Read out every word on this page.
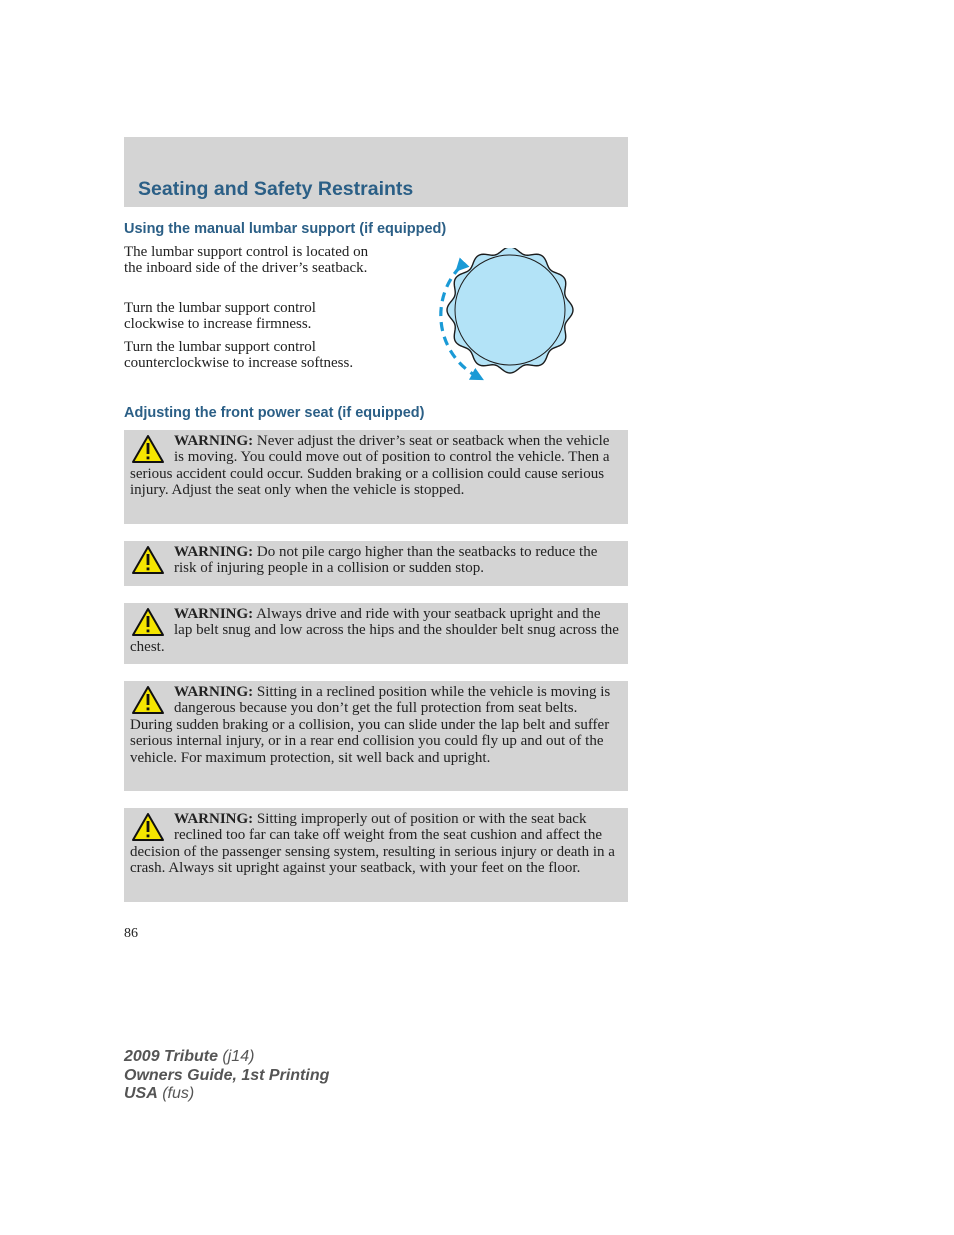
Seating and Safety Restraints
Using the manual lumbar support (if equipped)

The lumbar support control is located on the inboard side of the driver’s seatback.

Turn the lumbar support control clockwise to increase firmness.

Turn the lumbar support control counterclockwise to increase softness.

Adjusting the front power seat (if equipped)

WARNING: Never adjust the driver’s seat or seatback when the vehicle is moving. You could move out of position to control the vehicle. Then a serious accident could occur. Sudden braking or a collision could cause serious injury. Adjust the seat only when the vehicle is stopped.

WARNING: Do not pile cargo higher than the seatbacks to reduce the risk of injuring people in a collision or sudden stop.

WARNING: Always drive and ride with your seatback upright and the lap belt snug and low across the hips and the shoulder belt snug across the chest.

WARNING: Sitting in a reclined position while the vehicle is moving is dangerous because you don’t get the full protection from seat belts. During sudden braking or a collision, you can slide under the lap belt and suffer serious internal injury, or in a rear end collision you could fly up and out of the vehicle. For maximum protection, sit well back and upright.

WARNING: Sitting improperly out of position or with the seat back reclined too far can take off weight from the seat cushion and affect the decision of the passenger sensing system, resulting in serious injury or death in a crash. Always sit upright against your seatback, with your feet on the floor.

86

2009 Tribute (j14)
Owners Guide, 1st Printing
USA (fus)
